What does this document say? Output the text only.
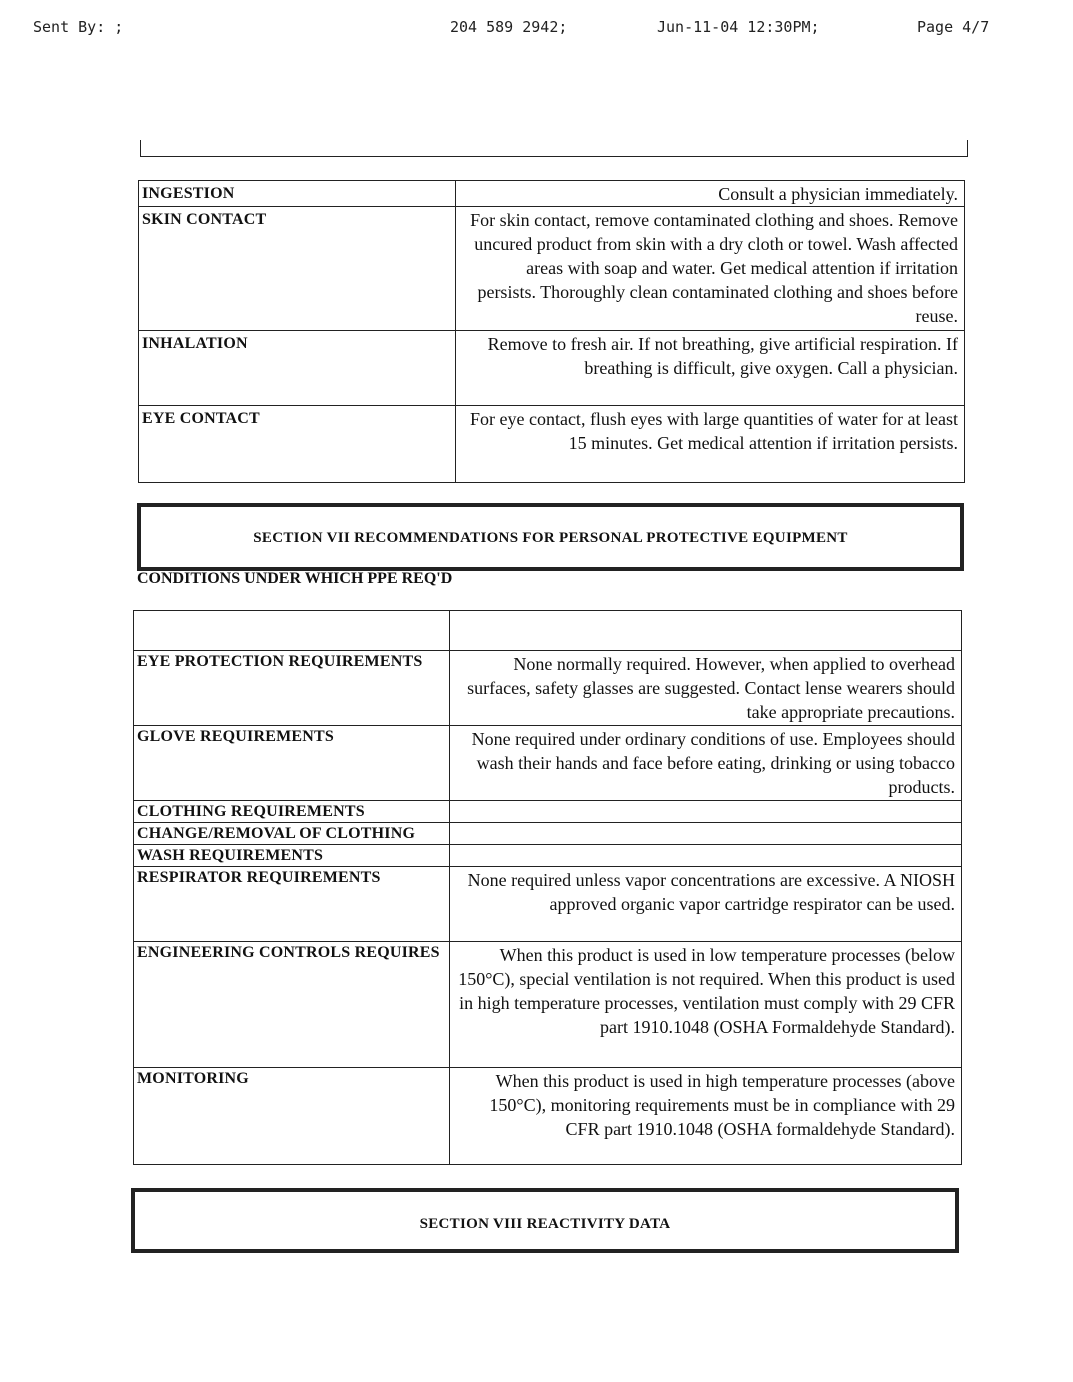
Sent By: ;	204 589 2942;	Jun-11-04 12:30PM;	Page 4/7
INGESTION	Consult a physician immediately.
SKIN CONTACT	For skin contact, remove contaminated clothing and shoes. Remove uncured product from skin with a dry cloth or towel. Wash affected areas with soap and water. Get medical attention if irritation persists. Thoroughly clean contaminated clothing and shoes before reuse.
INHALATION	Remove to fresh air. If not breathing, give artificial respiration. If breathing is difficult, give oxygen. Call a physician.
EYE CONTACT	For eye contact, flush eyes with large quantities of water for at least 15 minutes. Get medical attention if irritation persists.
SECTION VII RECOMMENDATIONS FOR PERSONAL PROTECTIVE EQUIPMENT
CONDITIONS UNDER WHICH PPE REQ'D

EYE PROTECTION REQUIREMENTS	None normally required. However, when applied to overhead surfaces, safety glasses are suggested. Contact lense wearers should take appropriate precautions.
GLOVE REQUIREMENTS	None required under ordinary conditions of use. Employees should wash their hands and face before eating, drinking or using tobacco products.
CLOTHING REQUIREMENTS	
CHANGE/REMOVAL OF CLOTHING	
WASH REQUIREMENTS	
RESPIRATOR REQUIREMENTS	None required unless vapor concentrations are excessive. A NIOSH approved organic vapor cartridge respirator can be used.
ENGINEERING CONTROLS REQUIRES	When this product is used in low temperature processes (below 150°C), special ventilation is not required. When this product is used in high temperature processes, ventilation must comply with 29 CFR part 1910.1048 (OSHA Formaldehyde Standard).
MONITORING	When this product is used in high temperature processes (above 150°C), monitoring requirements must be in compliance with 29 CFR part 1910.1048 (OSHA formaldehyde Standard).
SECTION VIII REACTIVITY DATA
